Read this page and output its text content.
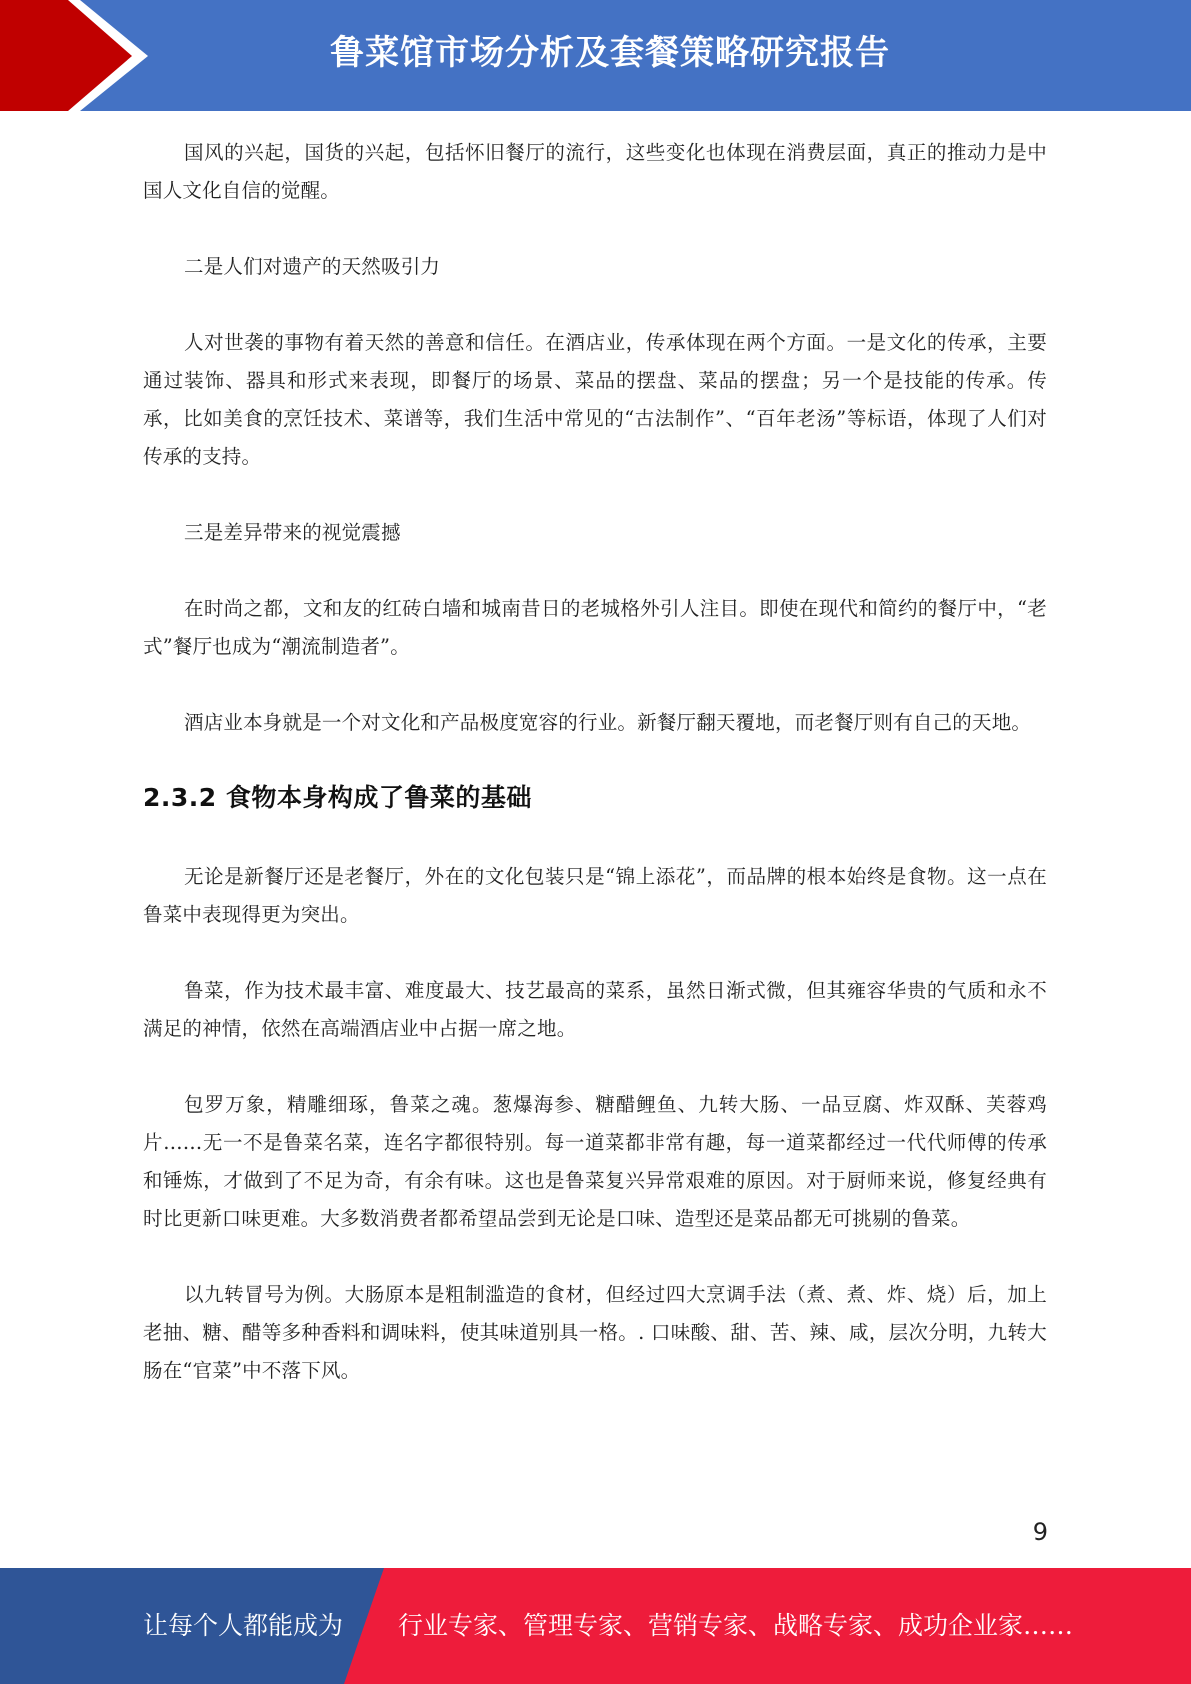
鲁菜馆市场分析及套餐策略研究报告

国风的兴起，国货的兴起，包括怀旧餐厅的流行，这些变化也体现在消费层面，真正的推动力是中国人文化自信的觉醒。

二是人们对遗产的天然吸引力

人对世袭的事物有着天然的善意和信任。在酒店业，传承体现在两个方面。一是文化的传承，主要通过装饰、器具和形式来表现，即餐厅的场景、菜品的摆盘、菜品的摆盘；另一个是技能的传承。传承，比如美食的烹饪技术、菜谱等，我们生活中常见的“古法制作”、“百年老汤”等标语，体现了人们对传承的支持。

三是差异带来的视觉震撼

在时尚之都，文和友的红砖白墙和城南昔日的老城格外引人注目。即使在现代和简约的餐厅中，“老式”餐厅也成为“潮流制造者”。

酒店业本身就是一个对文化和产品极度宽容的行业。新餐厅翻天覆地，而老餐厅则有自己的天地。

2.3.2 食物本身构成了鲁菜的基础

无论是新餐厅还是老餐厅，外在的文化包装只是“锦上添花”，而品牌的根本始终是食物。这一点在鲁菜中表现得更为突出。

鲁菜，作为技术最丰富、难度最大、技艺最高的菜系，虽然日渐式微，但其雍容华贵的气质和永不满足的神情，依然在高端酒店业中占据一席之地。

包罗万象，精雕细琢，鲁菜之魂。葱爆海参、糖醋鲤鱼、九转大肠、一品豆腐、炸双酥、芙蓉鸡片……无一不是鲁菜名菜，连名字都很特别。每一道菜都非常有趣，每一道菜都经过一代代师傅的传承和锤炼，才做到了不足为奇，有余有味。这也是鲁菜复兴异常艰难的原因。对于厨师来说，修复经典有时比更新口味更难。大多数消费者都希望品尝到无论是口味、造型还是菜品都无可挑剔的鲁菜。

以九转冒号为例。大肠原本是粗制滥造的食材，但经过四大烹调手法（煮、煮、炸、烧）后，加上老抽、糖、醋等多种香料和调味料，使其味道别具一格。. 口味酸、甜、苦、辣、咸，层次分明，九转大肠在“官菜”中不落下风。

9
让每个人都能成为 行业专家、管理专家、营销专家、战略专家、成功企业家……
